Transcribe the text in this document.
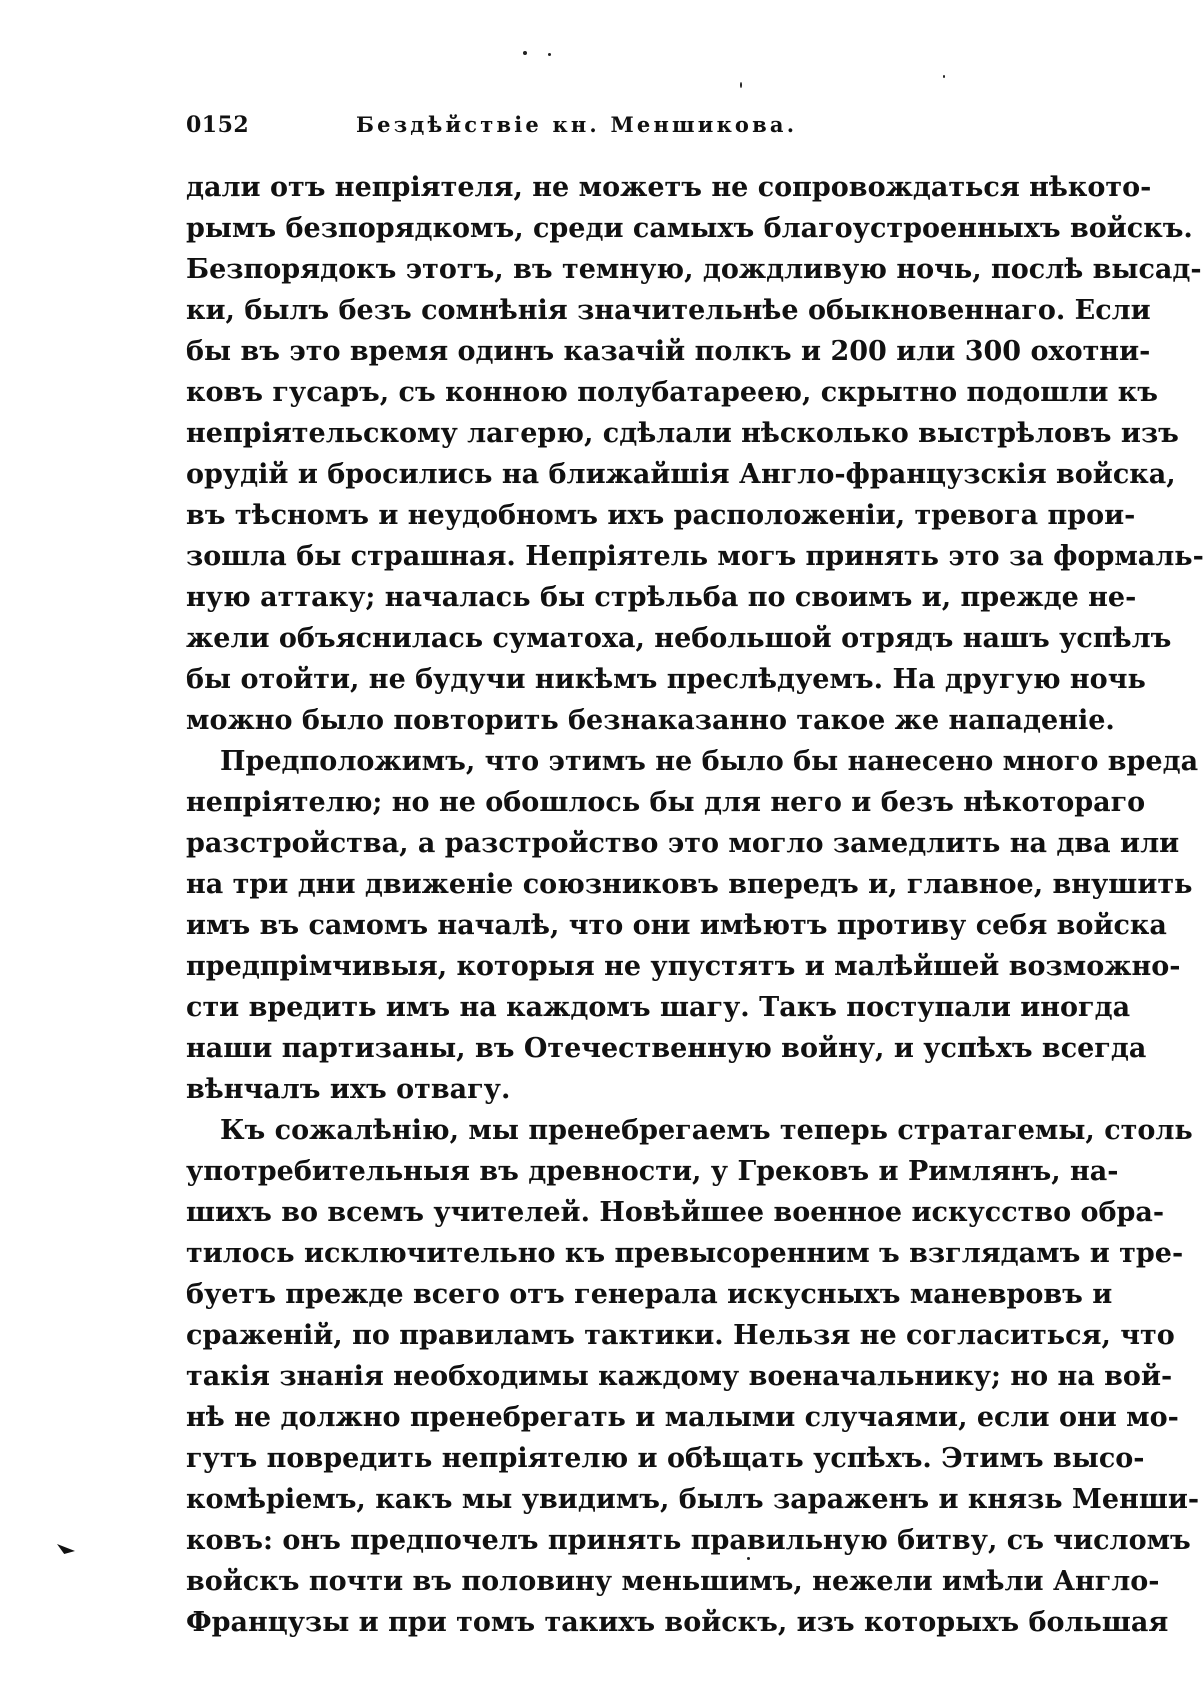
0152	Бездѣйствіе кн. Меншикова.
дали отъ непріятеля, не можетъ не сопровождаться нѣкото-
рымъ безпорядкомъ, среди самыхъ благоустроенныхъ войскъ.
Безпорядокъ этотъ, въ темную, дождливую ночь, послѣ высад-
ки, былъ безъ сомнѣнія значительнѣе обыкновеннаго. Если
бы въ это время одинъ казачій полкъ и 200 или 300 охотни-
ковъ гусаръ, съ конною полубатареею, скрытно подошли къ
непріятельскому лагерю, сдѣлали нѣсколько выстрѣловъ изъ
орудій и бросились на ближайшія Англо-французскія войска,
въ тѣсномъ и неудобномъ ихъ расположеніи, тревога прои-
зошла бы страшная. Непріятель могъ принять это за формаль-
ную аттаку; началась бы стрѣльба по своимъ и, прежде не-
жели объяснилась суматоха, небольшой отрядъ нашъ успѣлъ
бы отойти, не будучи никѣмъ преслѣдуемъ. На другую ночь
можно было повторить безнаказанно такое же нападеніе.
Предположимъ, что этимъ не было бы нанесено много вреда
непріятелю; но не обошлось бы для него и безъ нѣкотораго
разстройства, а разстройство это могло замедлить на два или
на три дни движеніе союзниковъ впередъ и, главное, внушить
имъ въ самомъ началѣ, что они имѣютъ противу себя войска
предпрімчивыя, которыя не упустятъ и малѣйшей возможно-
сти вредить имъ на каждомъ шагу. Такъ поступали иногда
наши партизаны, въ Отечественную войну, и успѣхъ всегда
вѣнчалъ ихъ отвагу.
Къ сожалѣнію, мы пренебрегаемъ теперь стратагемы, столь
употребительныя въ древности, у Грековъ и Римлянъ, на-
шихъ во всемъ учителей. Новѣйшее военное искусство обра-
тилось исключительно къ превысоренним ъ взглядамъ и тре-
буетъ прежде всего отъ генерала искусныхъ маневровъ и
сраженій, по правиламъ тактики. Нельзя не согласиться, что
такія знанія необходимы каждому военачальнику; но на вой-
нѣ не должно пренебрегать и малыми случаями, если они мо-
гутъ повредить непріятелю и обѣщать успѣхъ. Этимъ высо-
комѣріемъ, какъ мы увидимъ, былъ зараженъ и князь Менши-
ковъ: онъ предпочелъ принять правильную битву, съ числомъ
войскъ почти въ половину меньшимъ, нежели имѣли Англо-
Французы и при томъ такихъ войскъ, изъ которыхъ большая
